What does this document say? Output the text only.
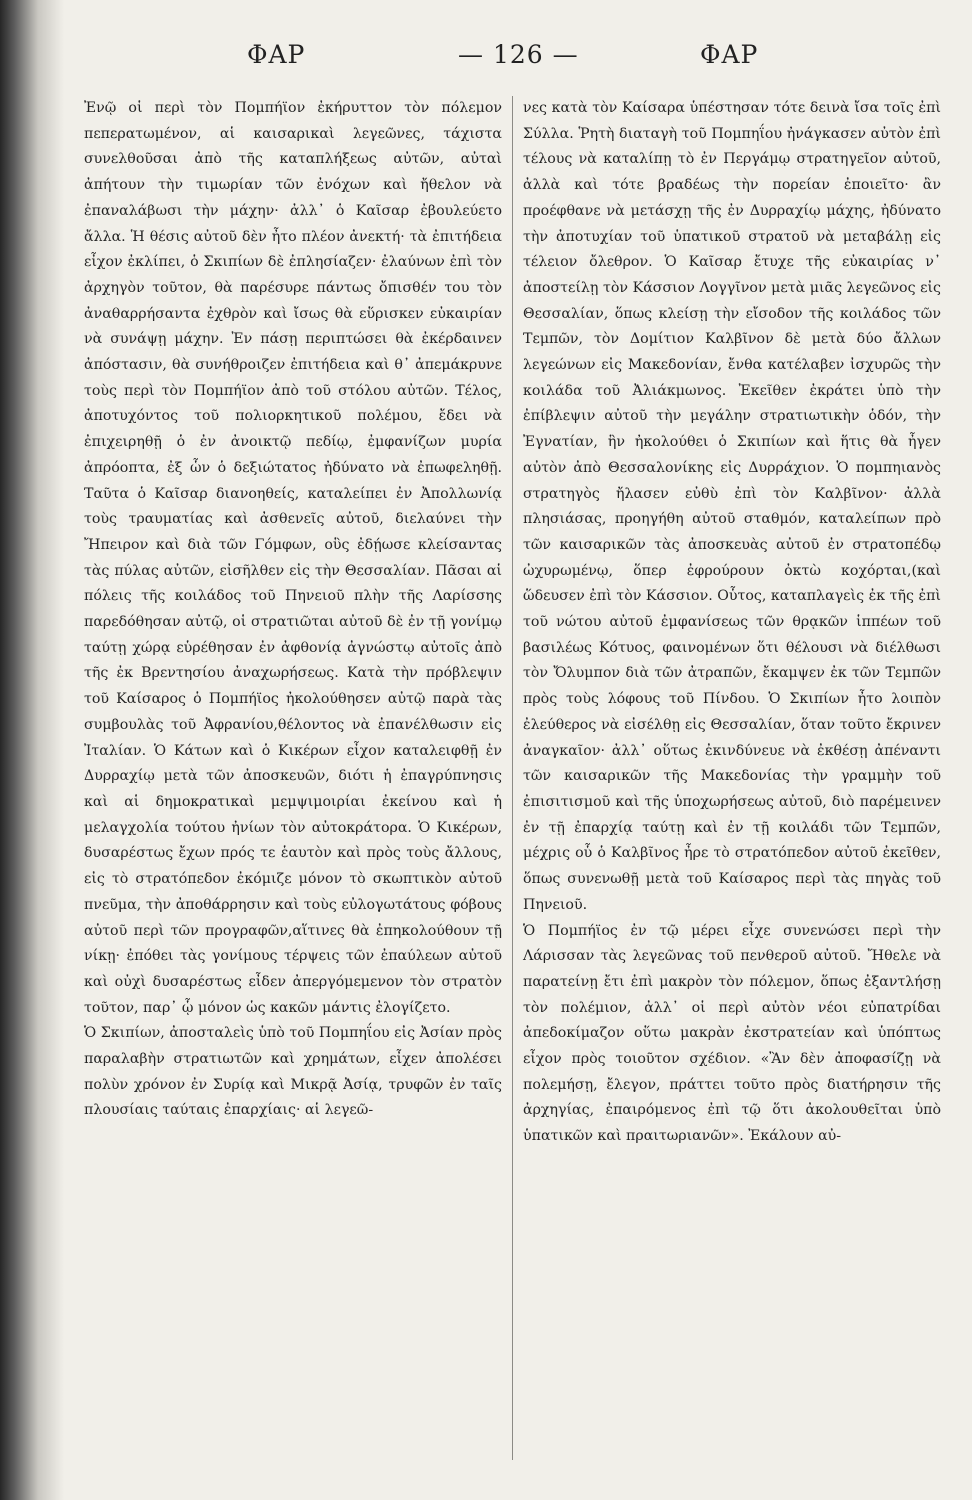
ΦΑΡ	— 126 —	ΦΑΡ

Ἐνῷ οἱ περὶ τὸν Πομπήϊον ἐκήρυττον τὸν πόλεμον πεπερατωμένον, αἱ καισαρικαὶ λεγεῶνες, τάχιστα συνελθοῦσαι ἀπὸ τῆς καταπλήξεως αὐτῶν, αὐταὶ ἀπήτουν τὴν τιμωρίαν τῶν ἐνόχων καὶ ἤθελον νὰ ἐπαναλάβωσι τὴν μάχην· ἀλλ᾽ ὁ Καῖσαρ ἐβουλεύετο ἄλλα. Ἡ θέσις αὐτοῦ δὲν ἦτο πλέον ἀνεκτή· τὰ ἐπιτήδεια εἶχον ἐκλίπει, ὁ Σκιπίων δὲ ἐπλησίαζεν· ἐλαύνων ἐπὶ τὸν ἀρχηγὸν τοῦτον, θὰ παρέσυρε πάντως ὄπισθέν του τὸν ἀναθαρρήσαντα ἐχθρὸν καὶ ἴσως θὰ εὕρισκεν εὐκαιρίαν νὰ συνάψῃ μάχην. Ἐν πάσῃ περιπτώσει θὰ ἐκέρδαινεν ἀπόστασιν, θὰ συνήθροιζεν ἐπιτήδεια καὶ θ᾽ ἀπεμάκρυνε τοὺς περὶ τὸν Πομπήϊον ἀπὸ τοῦ στόλου αὐτῶν. Τέλος, ἀποτυχόντος τοῦ πολιορκητικοῦ πολέμου, ἔδει νὰ ἐπιχειρηθῇ ὁ ἐν ἀνοικτῷ πεδίῳ, ἐμφανίζων μυρία ἀπρόοπτα, ἐξ ὧν ὁ δεξιώτατος ἠδύνατο νὰ ἐπωφεληθῇ. Ταῦτα ὁ Καῖσαρ διανοηθείς, καταλείπει ἐν Ἀπολλωνίᾳ τοὺς τραυματίας καὶ ἀσθενεῖς αὐτοῦ, διελαύνει τὴν Ἤπειρον καὶ διὰ τῶν Γόμφων, οὓς ἐδῄωσε κλείσαντας τὰς πύλας αὐτῶν, εἰσῆλθεν εἰς τὴν Θεσσαλίαν. Πᾶσαι αἱ πόλεις τῆς κοιλάδος τοῦ Πηνειοῦ πλὴν τῆς Λαρίσσης παρεδόθησαν αὐτῷ, οἱ στρατιῶται αὐτοῦ δὲ ἐν τῇ γονίμῳ ταύτῃ χώρᾳ εὑρέθησαν ἐν ἀφθονίᾳ ἀγνώστῳ αὐτοῖς ἀπὸ τῆς ἐκ Βρεντησίου ἀναχωρήσεως. Κατὰ τὴν πρόβλεψιν τοῦ Καίσαρος ὁ Πομπήϊος ἠκολούθησεν αὐτῷ παρὰ τὰς συμβουλὰς τοῦ Ἀφρανίου,θέλοντος νὰ ἐπανέλθωσιν εἰς Ἰταλίαν. Ὁ Κάτων καὶ ὁ Κικέρων εἶχον καταλειφθῇ ἐν Δυρραχίῳ μετὰ τῶν ἀποσκευῶν, διότι ἡ ἐπαγρύπνησις καὶ αἱ δημοκρατικαὶ μεμψιμοιρίαι ἐκείνου καὶ ἡ μελαγχολία τούτου ἠνίων τὸν αὐτοκράτορα. Ὁ Κικέρων, δυσαρέστως ἔχων πρός τε ἑαυτὸν καὶ πρὸς τοὺς ἄλλους, εἰς τὸ στρατόπεδον ἐκόμιζε μόνον τὸ σκωπτικὸν αὐτοῦ πνεῦμα, τὴν ἀποθάρρησιν καὶ τοὺς εὐλογωτάτους φόβους αὐτοῦ περὶ τῶν προγραφῶν,αἵτινες θὰ ἐπηκολούθουν τῇ νίκῃ· ἐπόθει τὰς γονίμους τέρψεις τῶν ἐπαύλεων αὐτοῦ καὶ οὐχὶ δυσαρέστως εἶδεν ἀπεργόμεμενον τὸν στρατὸν τοῦτον, παρ᾽ ᾧ μόνον ὡς κακῶν μάντις ἐλογίζετο.

Ὁ Σκιπίων, ἀποσταλεὶς ὑπὸ τοῦ Πομπηΐου εἰς Ἀσίαν πρὸς παραλαβὴν στρατιωτῶν καὶ χρημάτων, εἶχεν ἀπολέσει πολὺν χρόνον ἐν Συρίᾳ καὶ Μικρᾷ Ἀσίᾳ, τρυφῶν ἐν ταῖς πλουσίαις ταύταις ἐπαρχίαις· αἱ λεγεῶ-

νες κατὰ τὸν Καίσαρα ὑπέστησαν τότε δεινὰ ἴσα τοῖς ἐπὶ Σύλλα. Ῥητὴ διαταγὴ τοῦ Πομπηΐου ἠνάγκασεν αὐτὸν ἐπὶ τέλους νὰ καταλίπῃ τὸ ἐν Περγάμῳ στρατηγεῖον αὐτοῦ, ἀλλὰ καὶ τότε βραδέως τὴν πορείαν ἐποιεῖτο· ἂν προέφθανε νὰ μετάσχῃ τῆς ἐν Δυρραχίῳ μάχης, ἠδύνατο τὴν ἀποτυχίαν τοῦ ὑπατικοῦ στρατοῦ νὰ μεταβάλῃ εἰς τέλειον ὄλεθρον. Ὁ Καῖσαρ ἔτυχε τῆς εὐκαιρίας ν᾽ ἀποστείλῃ τὸν Κάσσιον Λογγῖνον μετὰ μιᾶς λεγεῶνος εἰς Θεσσαλίαν, ὅπως κλείσῃ τὴν εἴσοδον τῆς κοιλάδος τῶν Τεμπῶν, τὸν Δομίτιον Καλβῖνον δὲ μετὰ δύο ἄλλων λεγεώνων εἰς Μακεδονίαν, ἔνθα κατέλαβεν ἰσχυρῶς τὴν κοιλάδα τοῦ Ἀλιάκμωνος. Ἐκεῖθεν ἐκράτει ὑπὸ τὴν ἐπίβλεψιν αὐτοῦ τὴν μεγάλην στρατιωτικὴν ὁδόν, τὴν Ἐγνατίαν, ἣν ἠκολούθει ὁ Σκιπίων καὶ ἥτις θὰ ἦγεν αὐτὸν ἀπὸ Θεσσαλονίκης εἰς Δυρράχιον. Ὁ πομπηιανὸς στρατηγὸς ἤλασεν εὐθὺ ἐπὶ τὸν Καλβῖνον· ἀλλὰ πλησιάσας, προηγήθη αὐτοῦ σταθμόν, καταλείπων πρὸ τῶν καισαρικῶν τὰς ἀποσκευὰς αὐτοῦ ἐν στρατοπέδῳ ὠχυρωμένῳ, ὅπερ ἐφρούρουν ὀκτὼ κοχόρται,(καὶ ὥδευσεν ἐπὶ τὸν Κάσσιον. Οὗτος, καταπλαγεὶς ἐκ τῆς ἐπὶ τοῦ νώτου αὐτοῦ ἐμφανίσεως τῶν θρᾳκῶν ἱππέων τοῦ βασιλέως Κότυος, φαινομένων ὅτι θέλουσι νὰ διέλθωσι τὸν Ὄλυμπον διὰ τῶν ἀτραπῶν, ἔκαμψεν ἐκ τῶν Τεμπῶν πρὸς τοὺς λόφους τοῦ Πίνδου. Ὁ Σκιπίων ἦτο λοιπὸν ἐλεύθερος νὰ εἰσέλθῃ εἰς Θεσσαλίαν, ὅταν τοῦτο ἔκρινεν ἀναγκαῖον· ἀλλ᾽ οὕτως ἐκινδύνευε νὰ ἐκθέσῃ ἀπέναντι τῶν καισαρικῶν τῆς Μακεδονίας τὴν γραμμὴν τοῦ ἐπισιτισμοῦ καὶ τῆς ὑποχωρήσεως αὐτοῦ, διὸ παρέμεινεν ἐν τῇ ἐπαρχίᾳ ταύτῃ καὶ ἐν τῇ κοιλάδι τῶν Τεμπῶν, μέχρις οὗ ὁ Καλβῖνος ἦρε τὸ στρατόπεδον αὐτοῦ ἐκεῖθεν, ὅπως συνενωθῇ μετὰ τοῦ Καίσαρος περὶ τὰς πηγὰς τοῦ Πηνειοῦ.

Ὁ Πομπήϊος ἐν τῷ μέρει εἶχε συνενώσει περὶ τὴν Λάρισσαν τὰς λεγεῶνας τοῦ πενθεροῦ αὐτοῦ. Ἤθελε νὰ παρατείνῃ ἔτι ἐπὶ μακρὸν τὸν πόλεμον, ὅπως ἐξαντλήσῃ τὸν πολέμιον, ἀλλ᾽ οἱ περὶ αὐτὸν νέοι εὐπατρίδαι ἀπεδοκίμαζον οὕτω μακρὰν ἐκστρατείαν καὶ ὑπόπτως εἶχον πρὸς τοιοῦτον σχέδιον. «Ἂν δὲν ἀποφασίζῃ νὰ πολεμήσῃ, ἔλεγον, πράττει τοῦτο πρὸς διατήρησιν τῆς ἀρχηγίας, ἐπαιρόμενος ἐπὶ τῷ ὅτι ἀκολουθεῖται ὑπὸ ὑπατικῶν καὶ πραιτωριανῶν». Ἐκάλουν αὐ-
